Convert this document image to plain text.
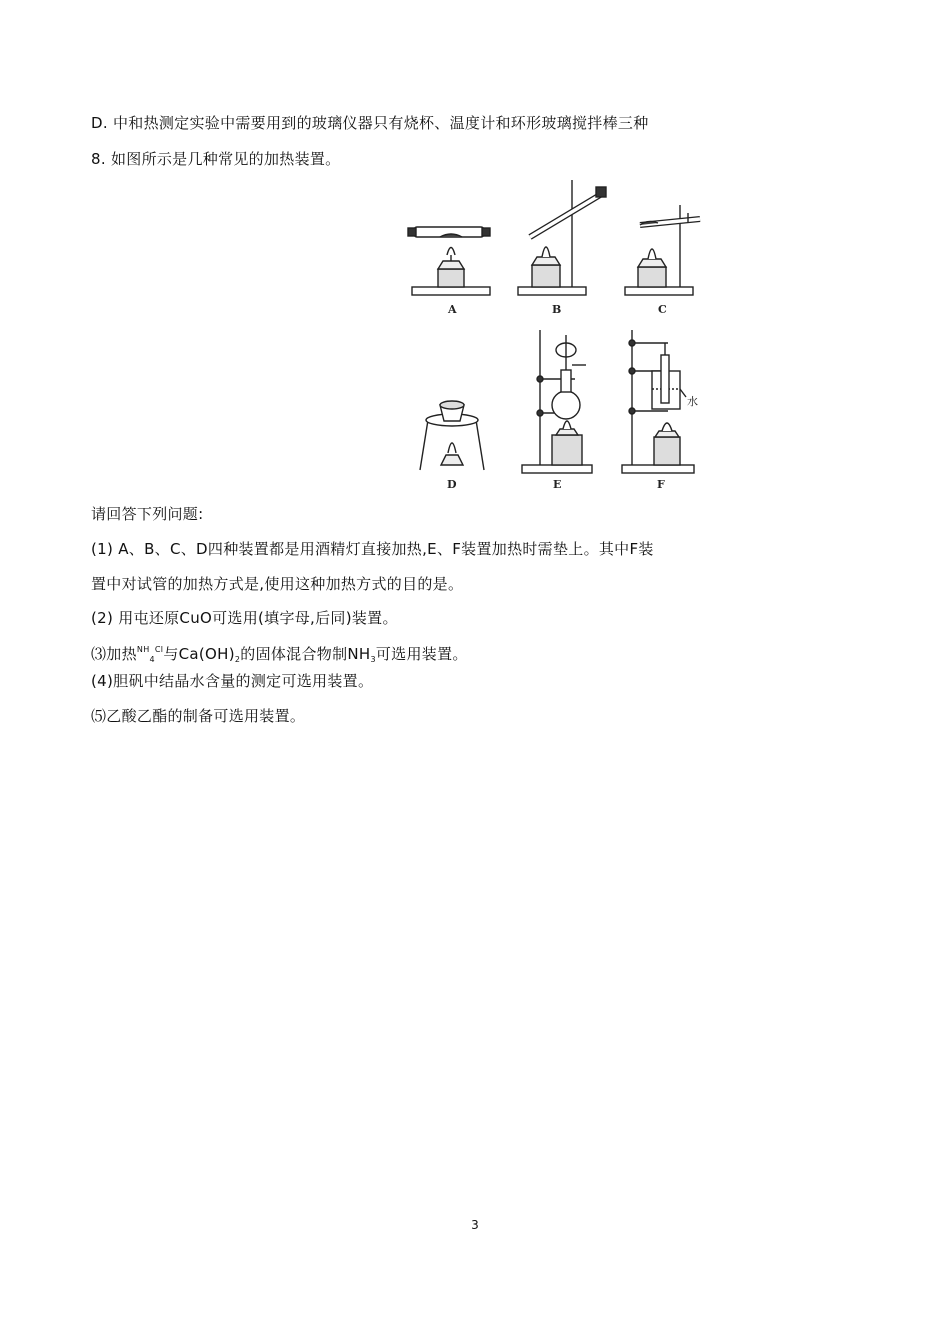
D. 中和热测定实验中需要用到的玻璃仪器只有烧杯、温度计和环形玻璃搅拌棒三种
8. 如图所示是几种常见的加热装置。
A	B	C
D	E	F
水
请回答下列问题:
(1) A、B、C、D四种装置都是用酒精灯直接加热,E、F装置加热时需垫上。其中F装
置中对试管的加热方式是,使用这种加热方式的目的是。
(2) 用屯还原CuO可选用(填字母,后同)装置。
⑶加热$^{NH}_4^{Cl}$与$Ca(OH)_2$的固体混合物制$NH_3$可选用装置。
(4)胆矾中结晶水含量的测定可选用装置。
⑸乙酸乙酯的制备可选用装置。
3
